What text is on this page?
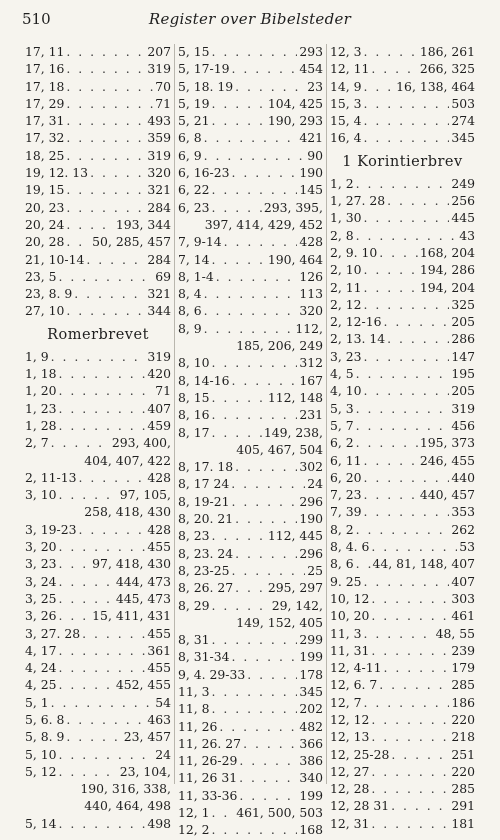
510	Register over Bibelsteder
17, 11 . . .	207
17, 16 . . .	319
17, 18 . . .	70
17, 29 . . .	71
17, 31 . . .	493
17, 32 . . .	359
18, 25 . . .	319
19, 12. 13 . . .	320
19, 15 . . .	321
20, 23 . . .	284
20, 24 . . .	193, 344
20, 28 . . . 50, 285, 457
21, 10-14 . . .	284
23, 5 . . .	69
23, 8. 9 . . .	321
27, 10 . . .	344
Romerbrevet
1, 9 . . .	319
1, 18 . . .	420
1, 20 . . .	71
1, 23 . . .	407
1, 28 . . .	459
2, 7 . . .	293, 400,
404, 407, 422
2, 11-13 . . .	428
3, 10 . . .	97, 105,
258, 418, 430
3, 19-23 . . .	428
3, 20 . . .	455
3, 23 . . .	97, 418, 430
3, 24 . . .	444, 473
3, 25 . . .	445, 473
3, 26 . . .	15, 411, 431
3, 27. 28 . . .	455
4, 17 . . .	361
4, 24 . . .	455
4, 25 . . .	452, 455
5, 1 . . .	54
5, 6. 8 . . .	463
5, 8. 9 . . .	23, 457
5, 10 . . .	24
5, 12 . . .	23, 104,
190, 316, 338,
440, 464, 498
5, 14 . . .	498
5, 15 . . .	293
5, 17-19 . . .	454
5, 18. 19 . . .	23
5, 19 . . .	104, 425
5, 21 . . .	190, 293
6, 8 . . .	421
6, 9 . . .	90
6, 16-23 . . .	190
6, 22 . . .	145
6, 23 . . .	293, 395,
397, 414, 429, 452
7, 9-14 . . .	428
7, 14 . . .	190, 464
8, 1-4 . . .	126
8, 4 . . .	113
8, 6 . . .	320
8, 9 . . .	112,
185, 206, 249
8, 10 . . .	312
8, 14-16 . . .	167
8, 15 . . .	112, 148
8, 16 . . .	231
8, 17 . . .	149, 238,
405, 467, 504
8, 17. 18 . . .	302
8, 17 24 . . .	24
8, 19-21 . . .	296
8, 20. 21 . . .	190
8, 23 . . .	112, 445
8, 23. 24 . . .	296
8, 23-25 . . .	25
8, 26. 27 . . .	295, 297
8, 29 . . .	29, 142,
149, 152, 405
8, 31 . . .	299
8, 31-34 . . .	199
9, 4. 29-33 . . .	178
11, 3 . . .	345
11, 8 . . .	202
11, 26 . . .	482
11, 26. 27 . . .	366
11, 26-29 . . .	386
11, 26 31 . . .	340
11, 33-36 . . .	199
12, 1 . . . 461, 500, 503
12, 2 . . .	168
12, 3 . . .	186, 261
12, 11 . . .	266, 325
14, 9 . . .	16, 138, 464
15, 3 . . .	503
15, 4 . . .	274
16, 4 . . .	345
1 Korintierbrev
1, 2 . . .	249
1, 27. 28 . . .	256
1, 30 . . .	445
2, 8 . . .	43
2, 9. 10 . . .	168, 204
2, 10 . . .	194, 286
2, 11 . . .	194, 204
2, 12 . . .	325
2, 12-16 . . .	205
2, 13. 14 . . .	286
3, 23 . . .	147
4, 5 . . .	195
4, 10 . . .	205
5, 3 . . .	319
5, 7 . . .	456
6, 2 . . .	195, 373
6, 11 . . .	246, 455
6, 20 . . .	440
7, 23 . . .	440, 457
7, 39 . . .	353
8, 2 . . .	262
8, 4. 6 . . .	53
8, 6 . . . 44, 81, 148, 407
9. 25 . . .	407
10, 12 . . .	303
10, 20 . . .	461
11, 3 . . .	48, 55
11, 31 . . .	239
12, 4-11 . . .	179
12, 6. 7 . . .	285
12, 7 . . .	186
12, 12 . . .	220
12, 13 . . .	218
12, 25-28 . . .	251
12, 27 . . .	220
12, 28 . . .	285
12, 28 31 . . .	291
12, 31 . . .	181
